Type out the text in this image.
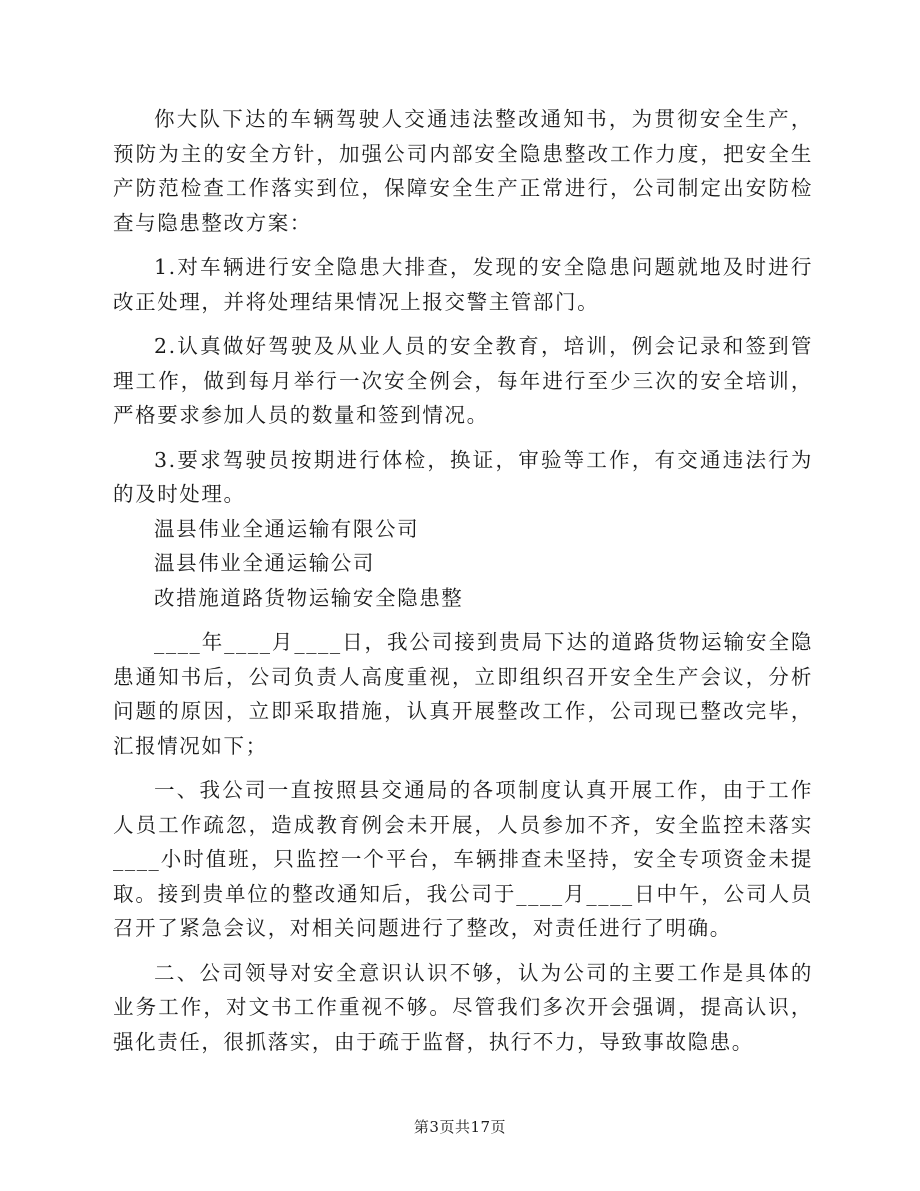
你大队下达的车辆驾驶人交通违法整改通知书，为贯彻安全生产，预防为主的安全方针，加强公司内部安全隐患整改工作力度，把安全生产防范检查工作落实到位，保障安全生产正常进行，公司制定出安防检查与隐患整改方案：

1.对车辆进行安全隐患大排查，发现的安全隐患问题就地及时进行改正处理，并将处理结果情况上报交警主管部门。

2.认真做好驾驶及从业人员的安全教育，培训，例会记录和签到管理工作，做到每月举行一次安全例会，每年进行至少三次的安全培训，严格要求参加人员的数量和签到情况。

3.要求驾驶员按期进行体检，换证，审验等工作，有交通违法行为的及时处理。

温县伟业全通运输有限公司

温县伟业全通运输公司

改措施道路货物运输安全隐患整

____年____月____日，我公司接到贵局下达的道路货物运输安全隐患通知书后，公司负责人高度重视，立即组织召开安全生产会议，分析问题的原因，立即采取措施，认真开展整改工作，公司现已整改完毕，汇报情况如下；

一、我公司一直按照县交通局的各项制度认真开展工作，由于工作人员工作疏忽，造成教育例会未开展，人员参加不齐，安全监控未落实____小时值班，只监控一个平台，车辆排查未坚持，安全专项资金未提取。接到贵单位的整改通知后，我公司于____月____日中午，公司人员召开了紧急会议，对相关问题进行了整改，对责任进行了明确。

二、公司领导对安全意识认识不够，认为公司的主要工作是具体的业务工作，对文书工作重视不够。尽管我们多次开会强调，提高认识，强化责任，很抓落实，由于疏于监督，执行不力，导致事故隐患。

第3页共17页
